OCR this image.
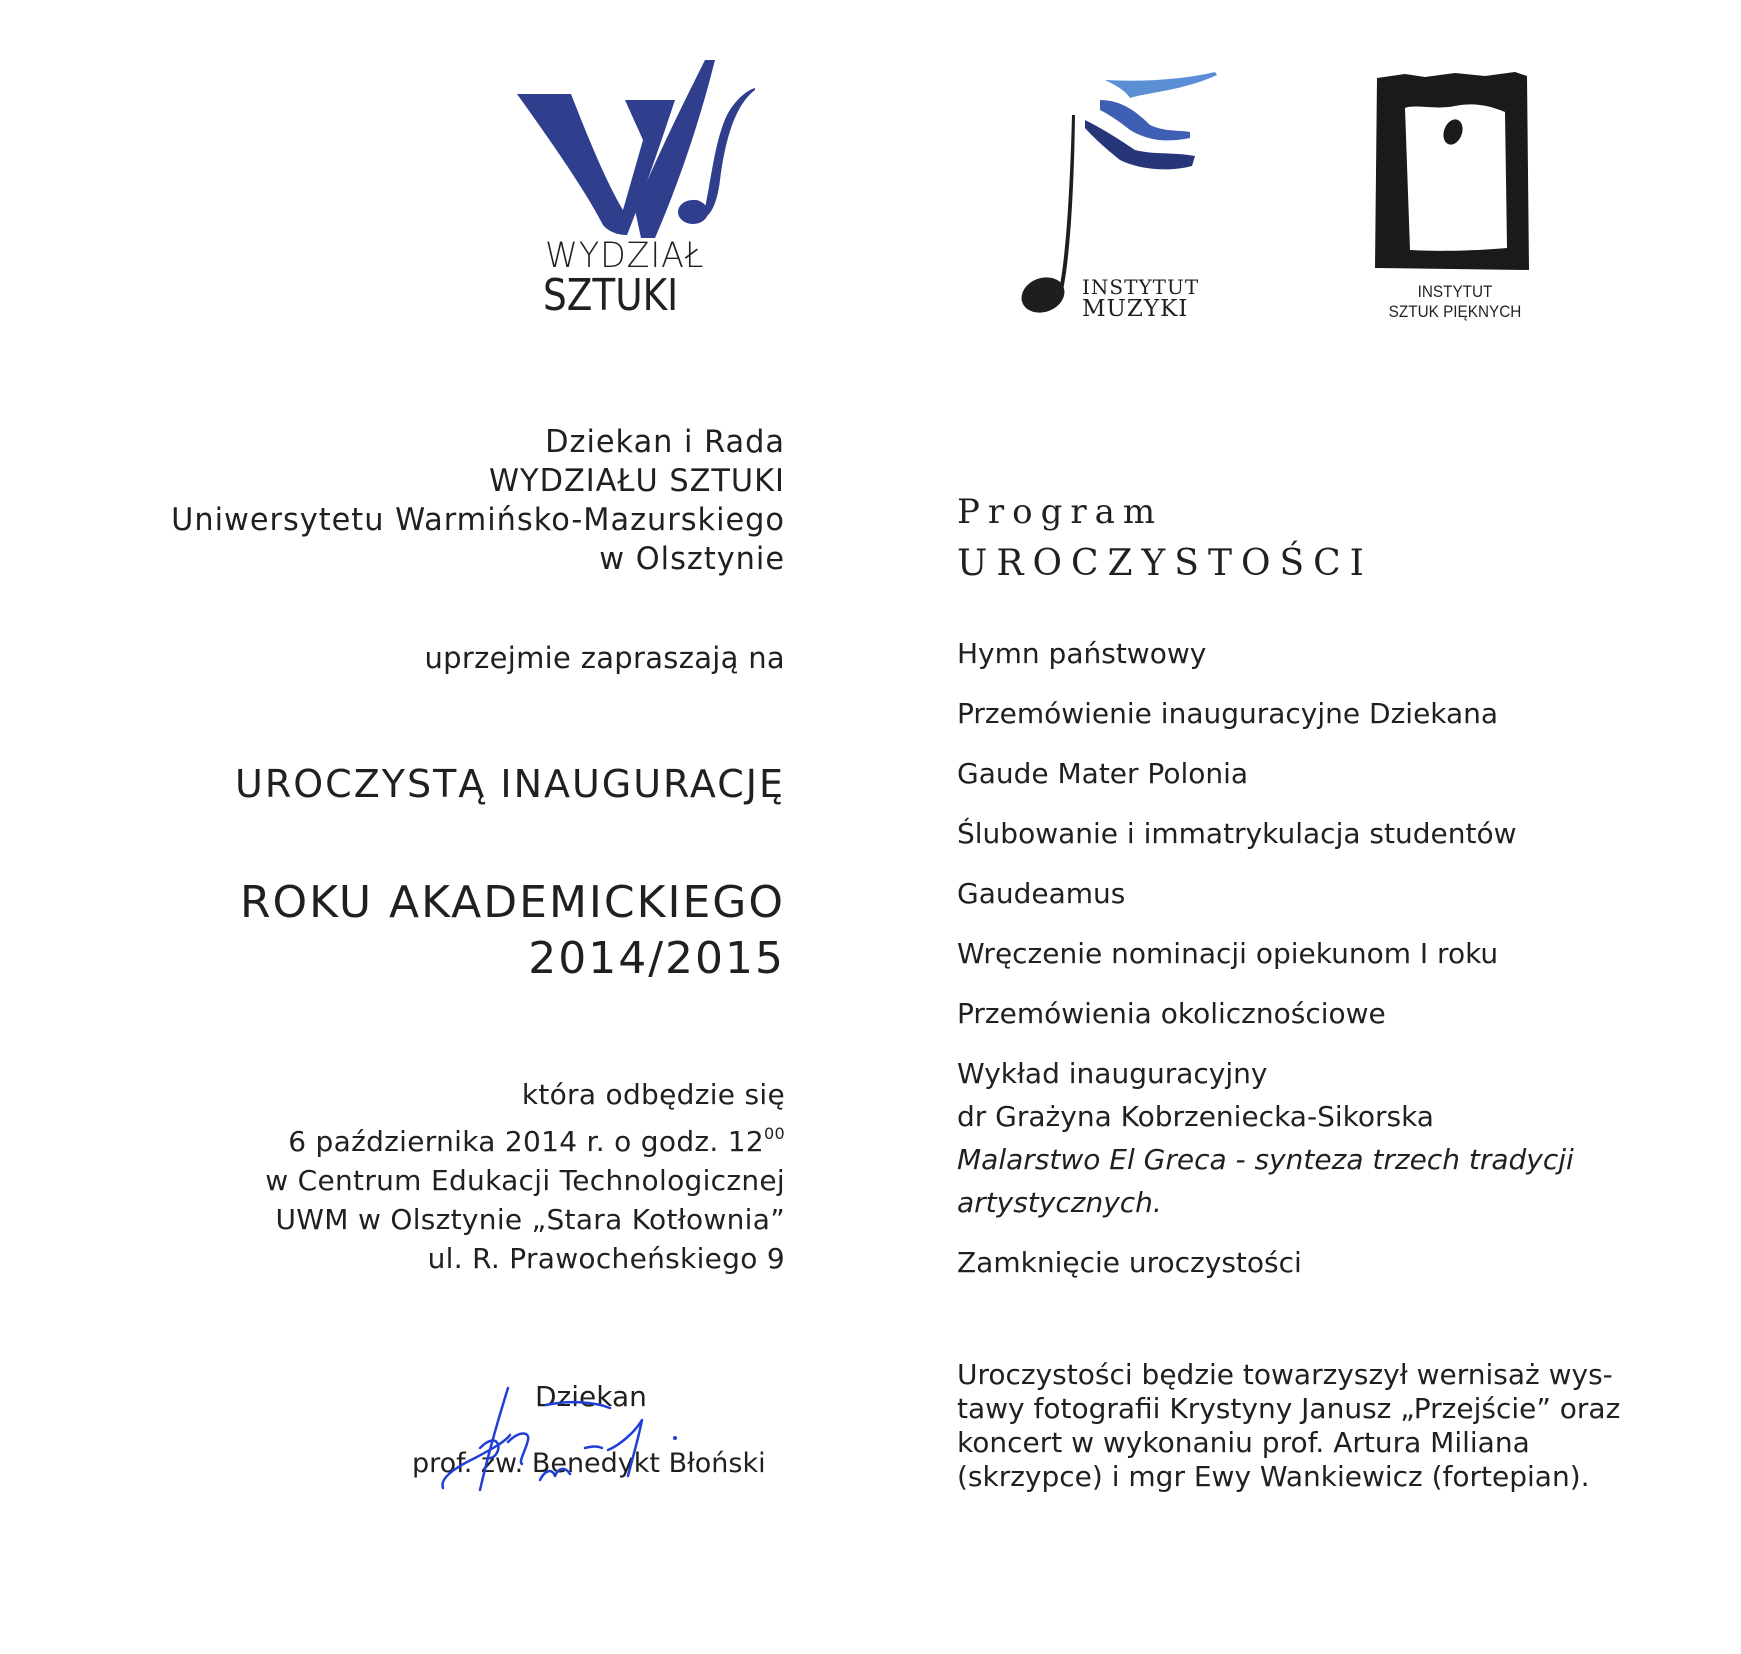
WYDZIAŁ
SZTUKI	INSTYTUT
MUZYKI
INSTYTUT
SZTUK PIĘKNYCH
Dziekan i Rada
WYDZIAŁU SZTUKI
Uniwersytetu Warmińsko-Mazurskiego
w Olsztynie
uprzejmie zapraszają na
UROCZYSTĄ INAUGURACJĘ
ROKU AKADEMICKIEGO
2014/2015
która odbędzie się
6 października 2014 r. o godz. $12^{00}$
w Centrum Edukacji Technologicznej
UWM w Olsztynie „Stara Kotłownia”
ul. R. Prawocheńskiego 9
Dziekan
prof. zw. Benedykt Błoński
Program
UROCZYSTOŚCI
Hymn państwowy
Przemówienie inauguracyjne Dziekana
Gaude Mater Polonia
Ślubowanie i immatrykulacja studentów
Gaudeamus
Wręczenie nominacji opiekunom I roku
Przemówienia okolicznościowe
Wykład inauguracyjny
dr Grażyna Kobrzeniecka-Sikorska
Malarstwo El Greca - synteza trzech tradycji artystycznych.
Zamknięcie uroczystości
Uroczystości będzie towarzyszył wernisaż wys-
tawy fotografii Krystyny Janusz „Przejście” oraz
koncert w wykonaniu prof. Artura Miliana
(skrzypce) i mgr Ewy Wankiewicz (fortepian).
